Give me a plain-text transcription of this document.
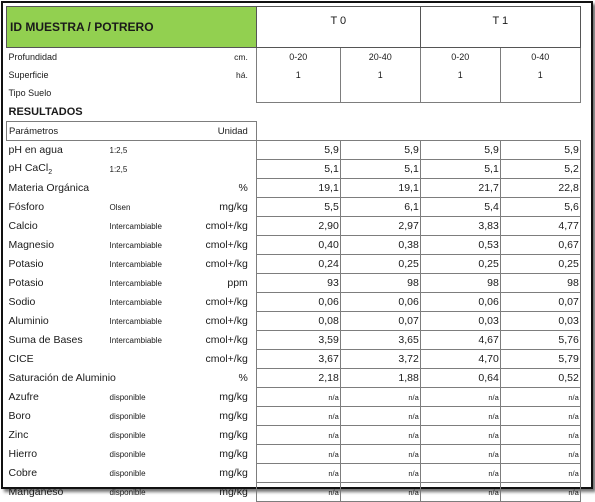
ID MUESTRA / POTRERO			T 0		T 1	
Profundidad		cm.	0-20	20-40	0-20	0-40
Superficie		há.	1	1	1	1
Tipo Suelo						
RESULTADOS						
Parámetros		Unidad				
pH en agua	1:2,5		5,9	5,9	5,9	5,9
pH CaCl$_2$	1:2,5		5,1	5,1	5,1	5,2
Materia Orgánica		%	19,1	19,1	21,7	22,8
Fósforo	Olsen	mg/kg	5,5	6,1	5,4	5,6
Calcio	Intercambiable	cmol+/kg	2,90	2,97	3,83	4,77
Magnesio	Intercambiable	cmol+/kg	0,40	0,38	0,53	0,67
Potasio	Intercambiable	cmol+/kg	0,24	0,25	0,25	0,25
Potasio	Intercambiable	ppm	93	98	98	98
Sodio	Intercambiable	cmol+/kg	0,06	0,06	0,06	0,07
Aluminio	Intercambiable	cmol+/kg	0,08	0,07	0,03	0,03
Suma de Bases	Intercambiable	cmol+/kg	3,59	3,65	4,67	5,76
CICE		cmol+/kg	3,67	3,72	4,70	5,79
Saturación de Aluminio		%	2,18	1,88	0,64	0,52
Azufre	disponible	mg/kg	n/a	n/a	n/a	n/a
Boro	disponible	mg/kg	n/a	n/a	n/a	n/a
Zinc	disponible	mg/kg	n/a	n/a	n/a	n/a
Hierro	disponible	mg/kg	n/a	n/a	n/a	n/a
Cobre	disponible	mg/kg	n/a	n/a	n/a	n/a
Manganeso	disponible	mg/kg	n/a	n/a	n/a	n/a
